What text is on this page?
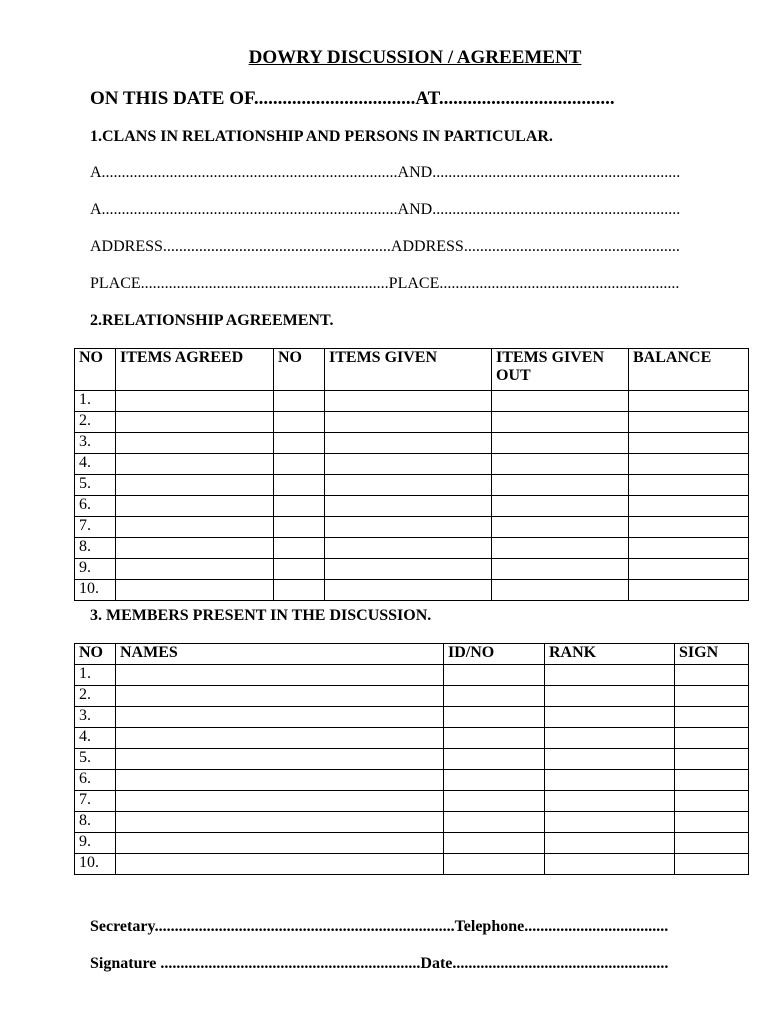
DOWRY DISCUSSION / AGREEMENT
ON THIS DATE OF..................................AT.....................................
1.CLANS IN RELATIONSHIP AND PERSONS IN PARTICULAR.
A..........................................................................AND..............................................................
A..........................................................................AND..............................................................
ADDRESS.........................................................ADDRESS......................................................
PLACE..............................................................PLACE............................................................
2.RELATIONSHIP AGREEMENT.
NO	ITEMS AGREED	NO	ITEMS GIVEN	ITEMS GIVEN OUT	BALANCE
1.					
2.					
3.					
4.					
5.					
6.					
7.					
8.					
9.					
10.					
3. MEMBERS PRESENT IN THE DISCUSSION.
NO	NAMES	ID/NO	RANK	SIGN
1.				
2.				
3.				
4.				
5.				
6.				
7.				
8.				
9.				
10.				
Secretary...........................................................................Telephone....................................
Signature .................................................................Date......................................................
